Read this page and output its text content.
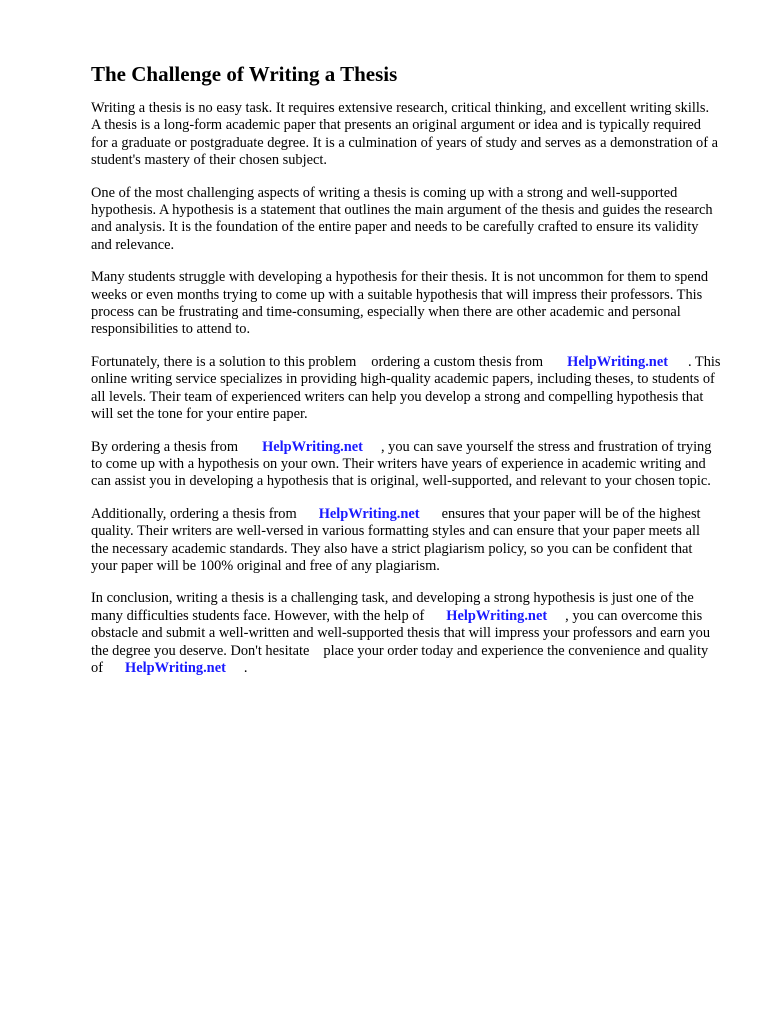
The Challenge of Writing a Thesis

Writing a thesis is no easy task. It requires extensive research, critical thinking, and excellent writing skills. A thesis is a long-form academic paper that presents an original argument or idea and is typically required for a graduate or postgraduate degree. It is a culmination of years of study and serves as a demonstration of a student's mastery of their chosen subject.

One of the most challenging aspects of writing a thesis is coming up with a strong and well-supported hypothesis. A hypothesis is a statement that outlines the main argument of the thesis and guides the research and analysis. It is the foundation of the entire paper and needs to be carefully crafted to ensure its validity and relevance.

Many students struggle with developing a hypothesis for their thesis. It is not uncommon for them to spend weeks or even months trying to come up with a suitable hypothesis that will impress their professors. This process can be frustrating and time-consuming, especially when there are other academic and personal responsibilities to attend to.

Fortunately, there is a solution to this problem ordering a custom thesis from HelpWriting.net . This online writing service specializes in providing high-quality academic papers, including theses, to students of all levels. Their team of experienced writers can help you develop a strong and compelling hypothesis that will set the tone for your entire paper.

By ordering a thesis from HelpWriting.net , you can save yourself the stress and frustration of trying to come up with a hypothesis on your own. Their writers have years of experience in academic writing and can assist you in developing a hypothesis that is original, well-supported, and relevant to your chosen topic.

Additionally, ordering a thesis from HelpWriting.net ensures that your paper will be of the highest quality. Their writers are well-versed in various formatting styles and can ensure that your paper meets all the necessary academic standards. They also have a strict plagiarism policy, so you can be confident that your paper will be 100% original and free of any plagiarism.

In conclusion, writing a thesis is a challenging task, and developing a strong hypothesis is just one of the many difficulties students face. However, with the help of HelpWriting.net , you can overcome this obstacle and submit a well-written and well-supported thesis that will impress your professors and earn you the degree you deserve. Don't hesitate place your order today and experience the convenience and quality of HelpWriting.net .
